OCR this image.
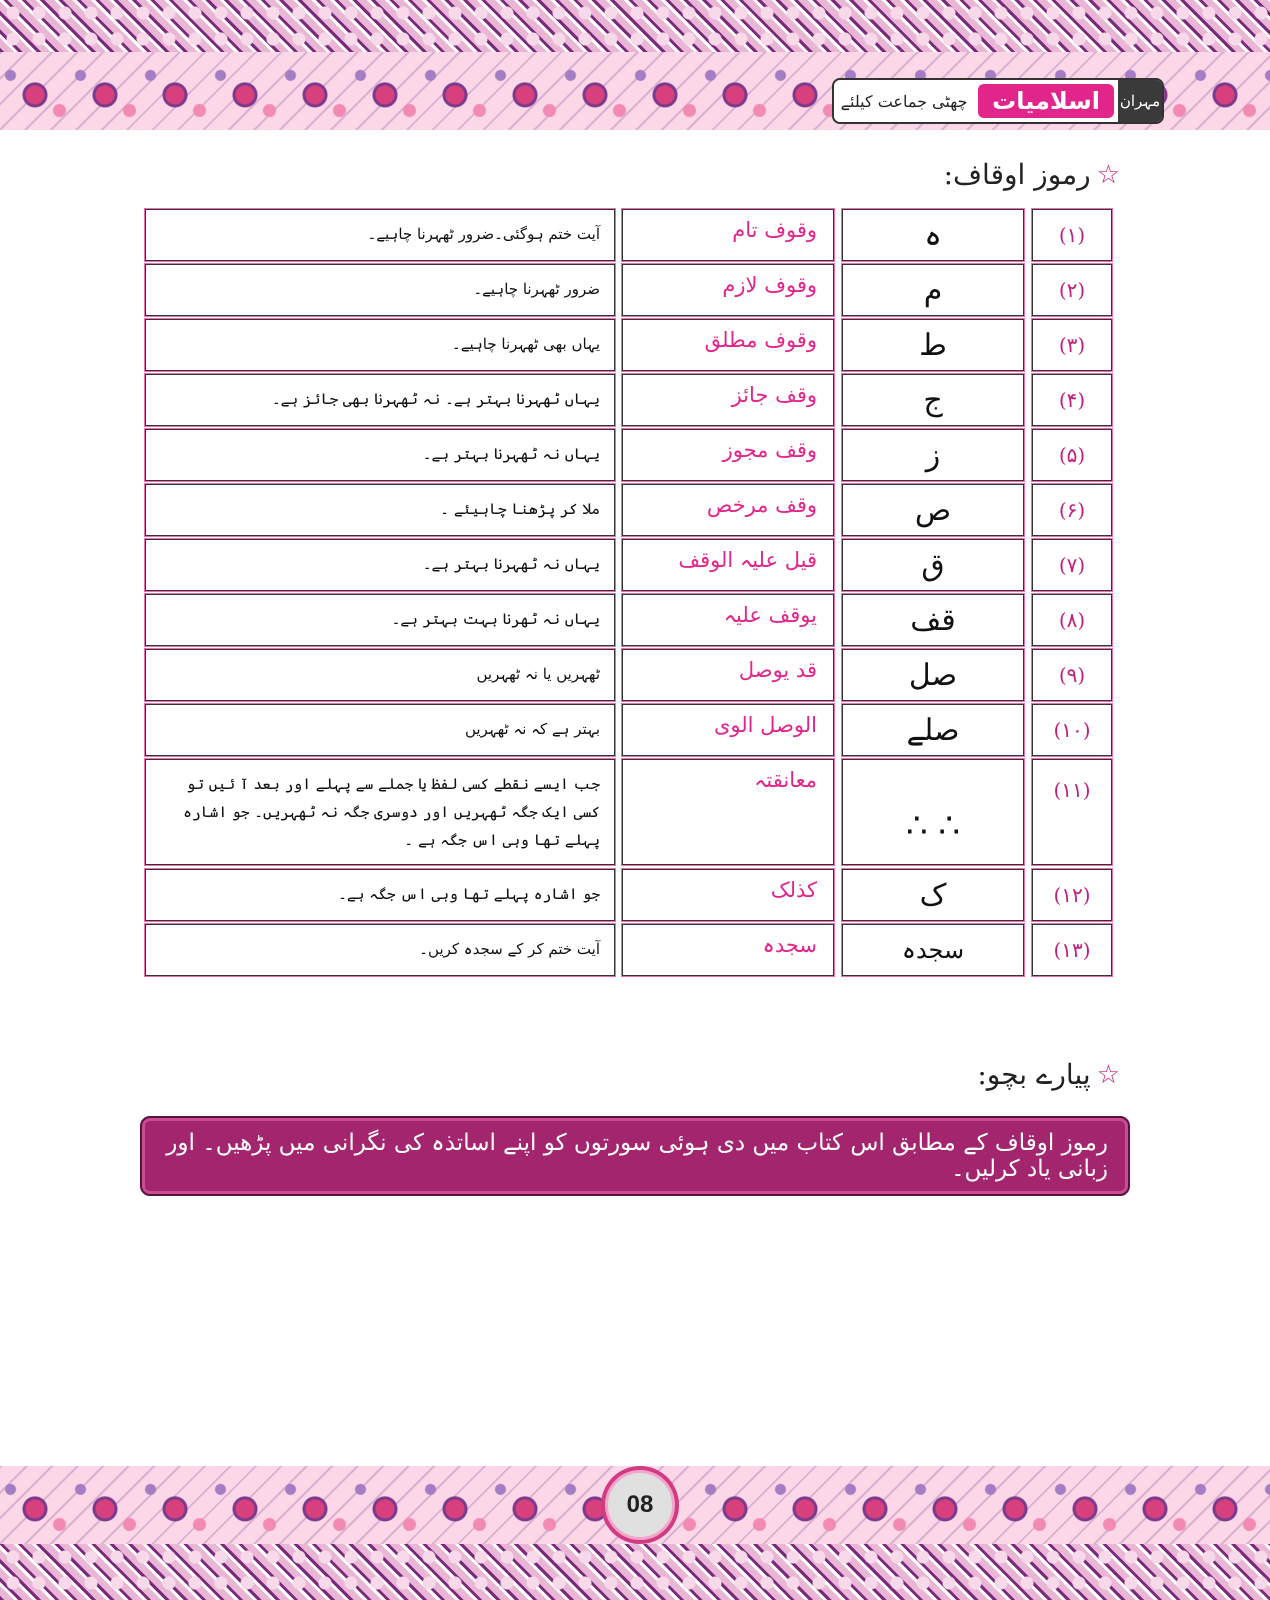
مہران
اسلامیات
چھٹی جماعت کیلئے
☆
رموز اوقاف:
(۱)
ہ
وقوف تام
آیت ختم ہوگئی۔ضرور ٹھہرنا چاہیے۔
(۲)
م
وقوف لازم
ضرور ٹھہرنا چاہیے۔
(۳)
ط
وقوف مطلق
یہاں بھی ٹھہرنا چاہیے۔
(۴)
ج
وقف جائز
یہاں ٹھہرنا بہتر ہے۔ نہ ٹھہرنا بھی جائز ہے۔
(۵)
ز
وقف مجوز
یہاں نہ ٹھہرنا بہتر ہے۔
(۶)
ص
وقف مرخص
ملا کر پڑھنا چاہیئے ۔
(۷)
ق
قیل علیہ الوقف
یہاں نہ ٹھہرنا بہتر ہے۔
(۸)
قف
یوقف علیہ
یہاں نہ ٹھرنا بہت بہتر ہے۔
(۹)
صل
قد یوصل
ٹھہریں یا نہ ٹھہریں
(۱۰)
صلے
الوصل الوی
بہتر ہے کہ نہ ٹھہریں
(۱۱)
∴ ∴
معانقتہ
جب ایسے نقطے کسی لفظ یا جملے سے پہلے اور بعد آ ئیں تو کسی ایک جگہ ٹھہریں اور دوسری جگہ نہ ٹھہریں۔ جو اشارہ پہلے تھا وہی اس جگہ ہے ۔
(۱۲)
ک
کذلک
جو اشارہ پہلے تھا وہی اس جگہ ہے۔
(۱۳)
سجدہ
سجدہ
آیت ختم کر کے سجدہ کریں۔
☆
پیارے بچو:
رموز اوقاف کے مطابق اس کتاب میں دی ہوئی سورتوں کو اپنے اساتذہ کی نگرانی میں پڑھیں۔ اور زبانی یاد کرلیں۔
08
